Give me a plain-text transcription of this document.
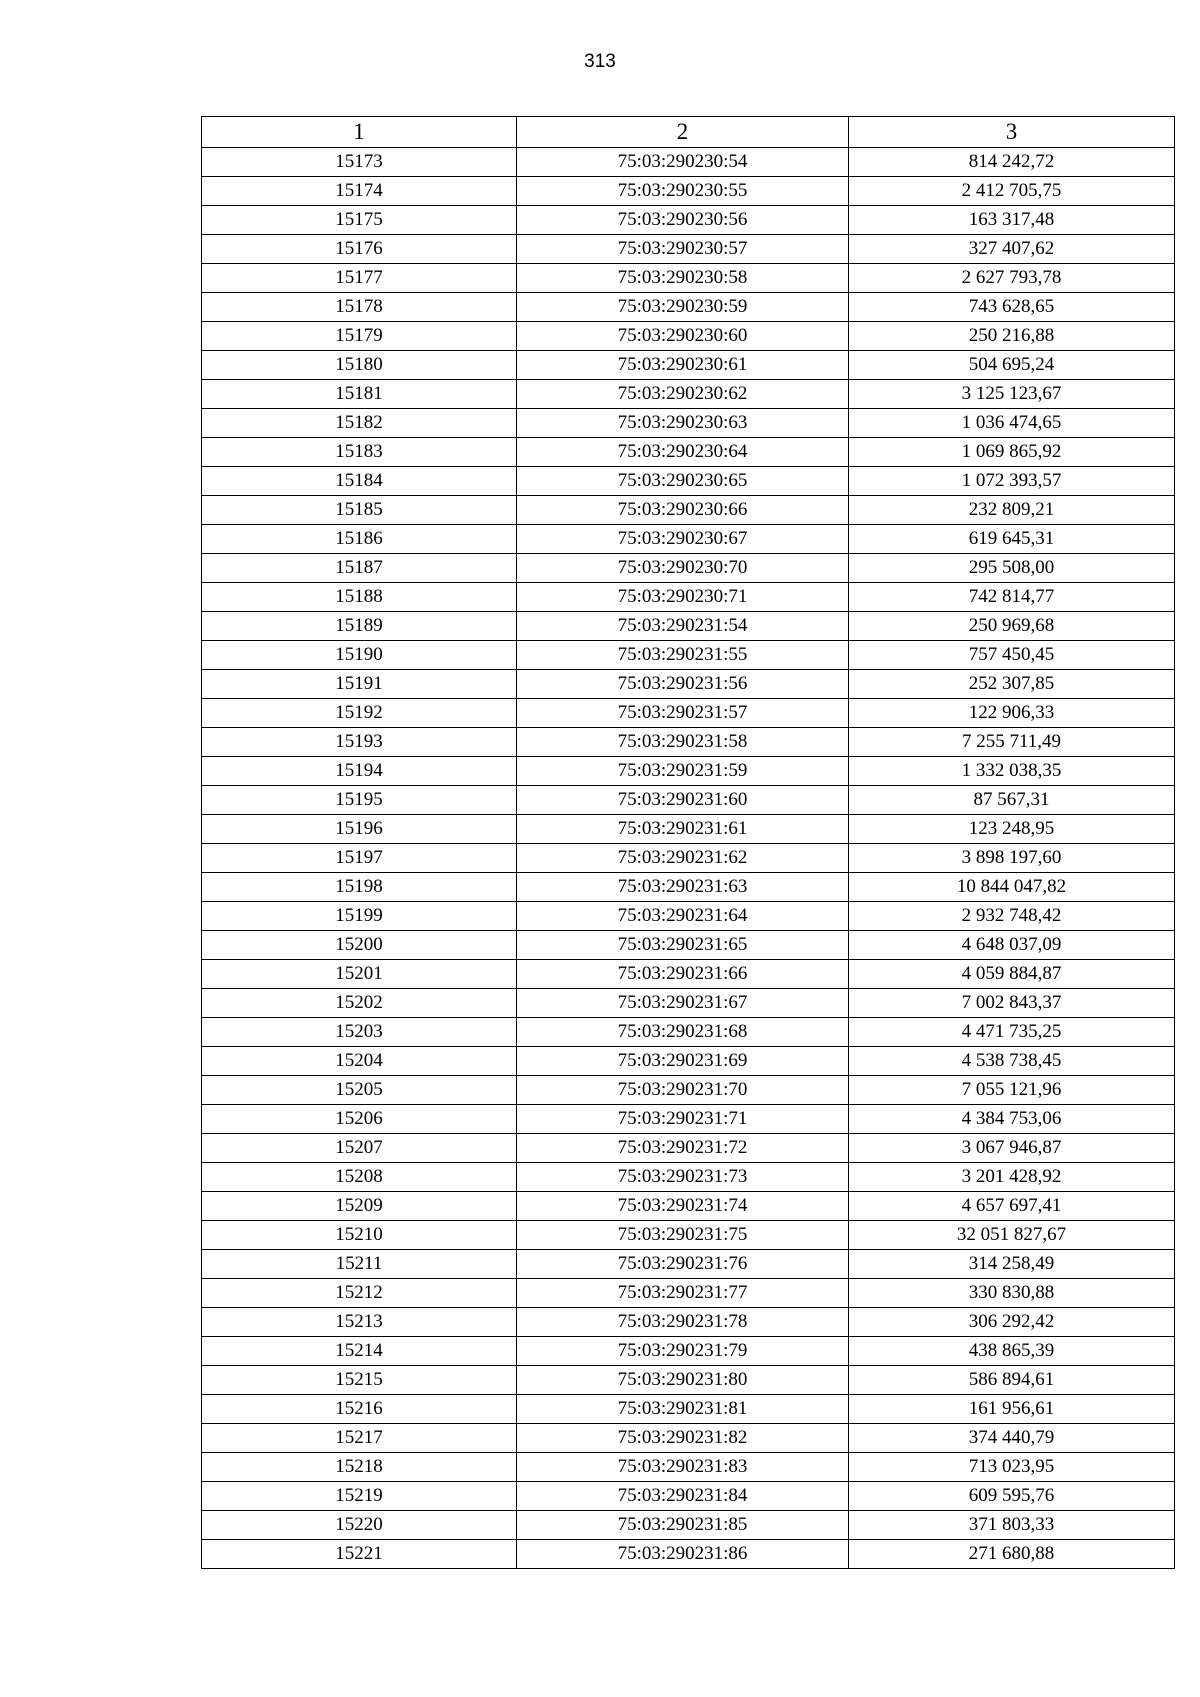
313
1	2	3
15173	75:03:290230:54	814 242,72
15174	75:03:290230:55	2 412 705,75
15175	75:03:290230:56	163 317,48
15176	75:03:290230:57	327 407,62
15177	75:03:290230:58	2 627 793,78
15178	75:03:290230:59	743 628,65
15179	75:03:290230:60	250 216,88
15180	75:03:290230:61	504 695,24
15181	75:03:290230:62	3 125 123,67
15182	75:03:290230:63	1 036 474,65
15183	75:03:290230:64	1 069 865,92
15184	75:03:290230:65	1 072 393,57
15185	75:03:290230:66	232 809,21
15186	75:03:290230:67	619 645,31
15187	75:03:290230:70	295 508,00
15188	75:03:290230:71	742 814,77
15189	75:03:290231:54	250 969,68
15190	75:03:290231:55	757 450,45
15191	75:03:290231:56	252 307,85
15192	75:03:290231:57	122 906,33
15193	75:03:290231:58	7 255 711,49
15194	75:03:290231:59	1 332 038,35
15195	75:03:290231:60	87 567,31
15196	75:03:290231:61	123 248,95
15197	75:03:290231:62	3 898 197,60
15198	75:03:290231:63	10 844 047,82
15199	75:03:290231:64	2 932 748,42
15200	75:03:290231:65	4 648 037,09
15201	75:03:290231:66	4 059 884,87
15202	75:03:290231:67	7 002 843,37
15203	75:03:290231:68	4 471 735,25
15204	75:03:290231:69	4 538 738,45
15205	75:03:290231:70	7 055 121,96
15206	75:03:290231:71	4 384 753,06
15207	75:03:290231:72	3 067 946,87
15208	75:03:290231:73	3 201 428,92
15209	75:03:290231:74	4 657 697,41
15210	75:03:290231:75	32 051 827,67
15211	75:03:290231:76	314 258,49
15212	75:03:290231:77	330 830,88
15213	75:03:290231:78	306 292,42
15214	75:03:290231:79	438 865,39
15215	75:03:290231:80	586 894,61
15216	75:03:290231:81	161 956,61
15217	75:03:290231:82	374 440,79
15218	75:03:290231:83	713 023,95
15219	75:03:290231:84	609 595,76
15220	75:03:290231:85	371 803,33
15221	75:03:290231:86	271 680,88
